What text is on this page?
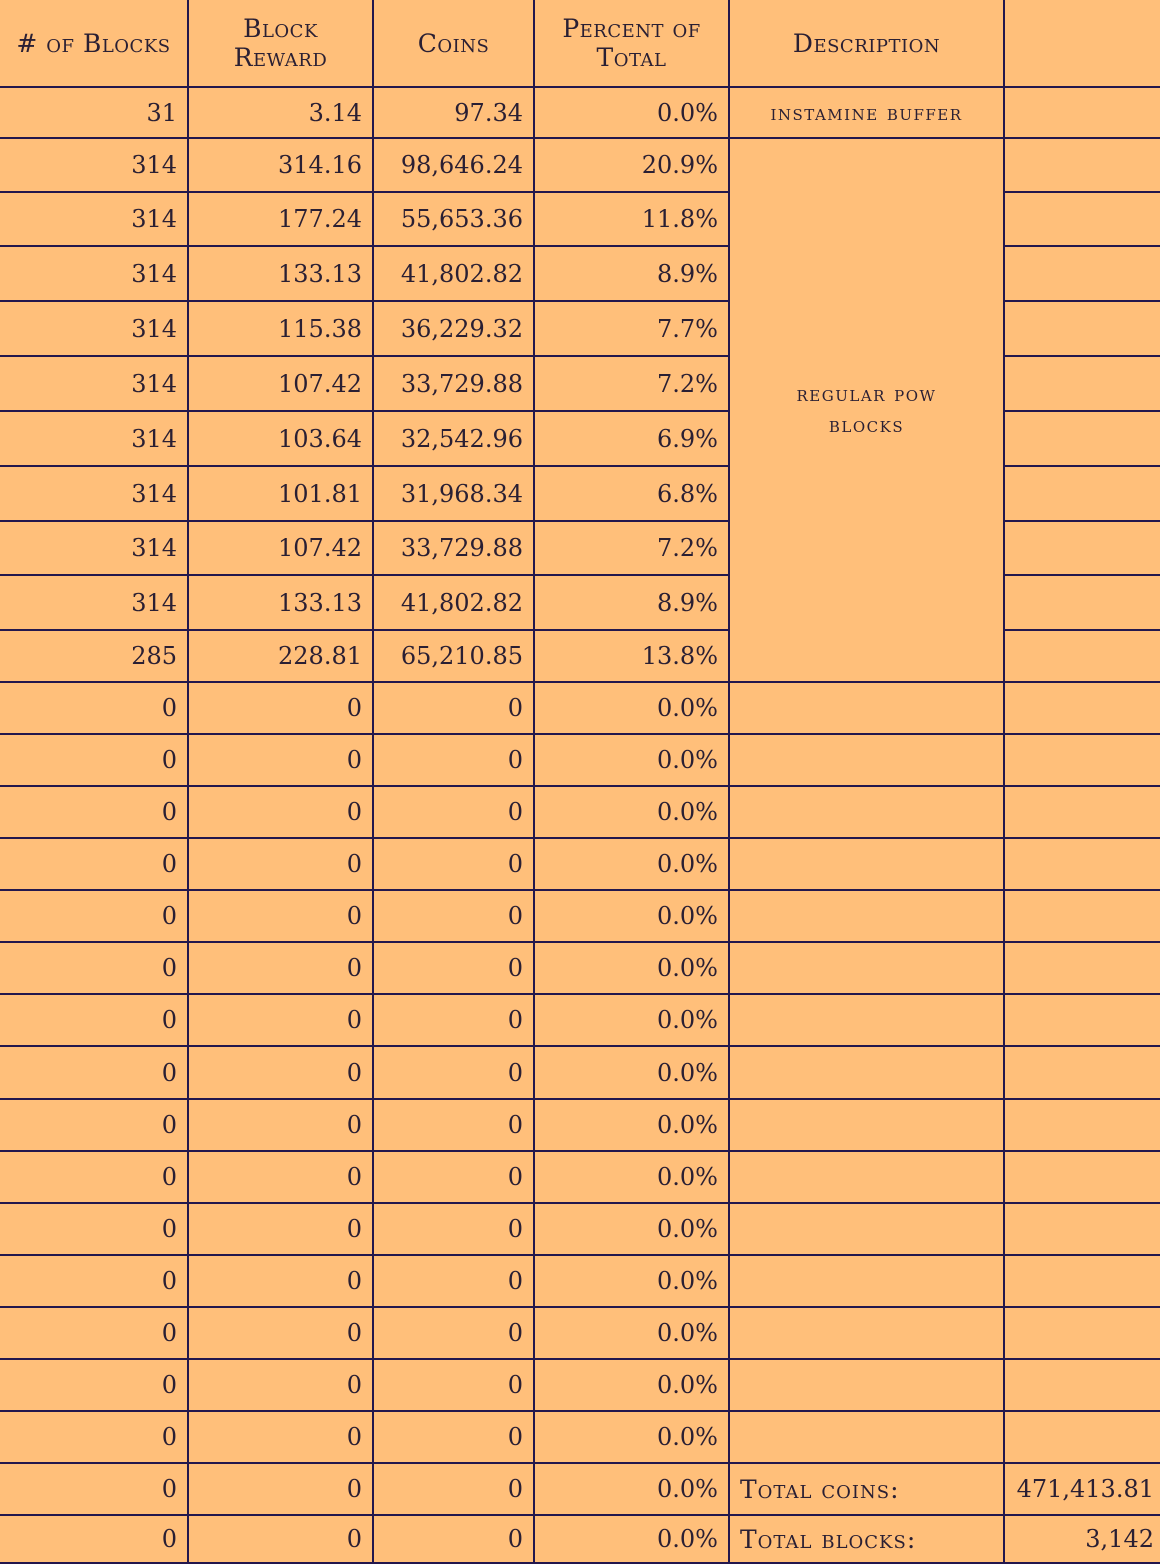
# of Blocks	Block Reward	Coins	Percent of Total	Description	
31	3.14	97.34	0.0%	instamine buffer	
314	314.16	98,646.24	20.9%	regular pow blocks	
314	177.24	55,653.36	11.8%		
314	133.13	41,802.82	8.9%		
314	115.38	36,229.32	7.7%		
314	107.42	33,729.88	7.2%		
314	103.64	32,542.96	6.9%		
314	101.81	31,968.34	6.8%		
314	107.42	33,729.88	7.2%		
314	133.13	41,802.82	8.9%		
285	228.81	65,210.85	13.8%		
0	0	0	0.0%		
0	0	0	0.0%		
0	0	0	0.0%		
0	0	0	0.0%		
0	0	0	0.0%		
0	0	0	0.0%		
0	0	0	0.0%		
0	0	0	0.0%		
0	0	0	0.0%		
0	0	0	0.0%		
0	0	0	0.0%		
0	0	0	0.0%		
0	0	0	0.0%		
0	0	0	0.0%		
0	0	0	0.0%		
0	0	0	0.0%	Total coins:	471,413.81
0	0	0	0.0%	Total blocks:	3,142
